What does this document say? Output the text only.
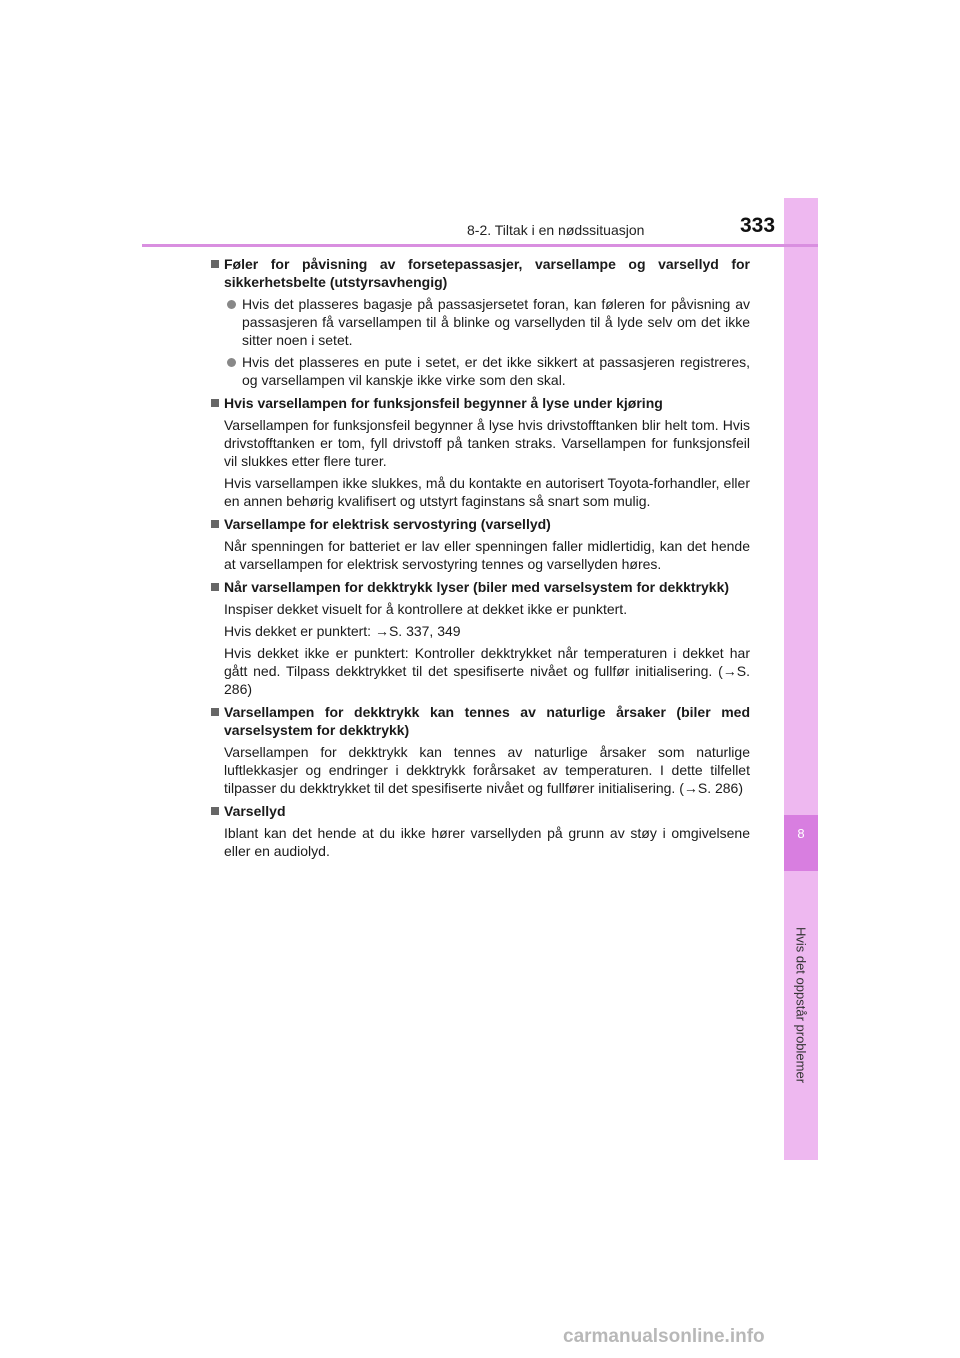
8
Hvis det oppstår problemer
8-2. Tiltak i en nødssituasjon	333
Føler for påvisning av forsetepassasjer, varsellampe og varsellyd for sikkerhetsbelte (utstyrsavhengig)
Hvis det plasseres bagasje på passasjersetet foran, kan føleren for påvisning av passasjeren få varsellampen til å blinke og varsellyden til å lyde selv om det ikke sitter noen i setet.
Hvis det plasseres en pute i setet, er det ikke sikkert at passasjeren registreres, og varsellampen vil kanskje ikke virke som den skal.
Hvis varsellampen for funksjonsfeil begynner å lyse under kjøring
Varsellampen for funksjonsfeil begynner å lyse hvis drivstofftanken blir helt tom. Hvis drivstofftanken er tom, fyll drivstoff på tanken straks. Varsellampen for funksjonsfeil vil slukkes etter flere turer.
Hvis varsellampen ikke slukkes, må du kontakte en autorisert Toyota-forhandler, eller en annen behørig kvalifisert og utstyrt faginstans så snart som mulig.
Varsellampe for elektrisk servostyring (varsellyd)
Når spenningen for batteriet er lav eller spenningen faller midlertidig, kan det hende at varsellampen for elektrisk servostyring tennes og varsellyden høres.
Når varsellampen for dekktrykk lyser (biler med varselsystem for dekktrykk)
Inspiser dekket visuelt for å kontrollere at dekket ikke er punktert.
Hvis dekket er punktert: →S. 337, 349
Hvis dekket ikke er punktert: Kontroller dekktrykket når temperaturen i dekket har gått ned. Tilpass dekktrykket til det spesifiserte nivået og fullfør initialisering. (→S. 286)
Varsellampen for dekktrykk kan tennes av naturlige årsaker (biler med varselsystem for dekktrykk)
Varsellampen for dekktrykk kan tennes av naturlige årsaker som naturlige luftlekkasjer og endringer i dekktrykk forårsaket av temperaturen. I dette tilfellet tilpasser du dekktrykket til det spesifiserte nivået og fullfører initialisering. (→S. 286)
Varsellyd
Iblant kan det hende at du ikke hører varsellyden på grunn av støy i omgivelsene eller en audiolyd.
carmanualsonline.info
